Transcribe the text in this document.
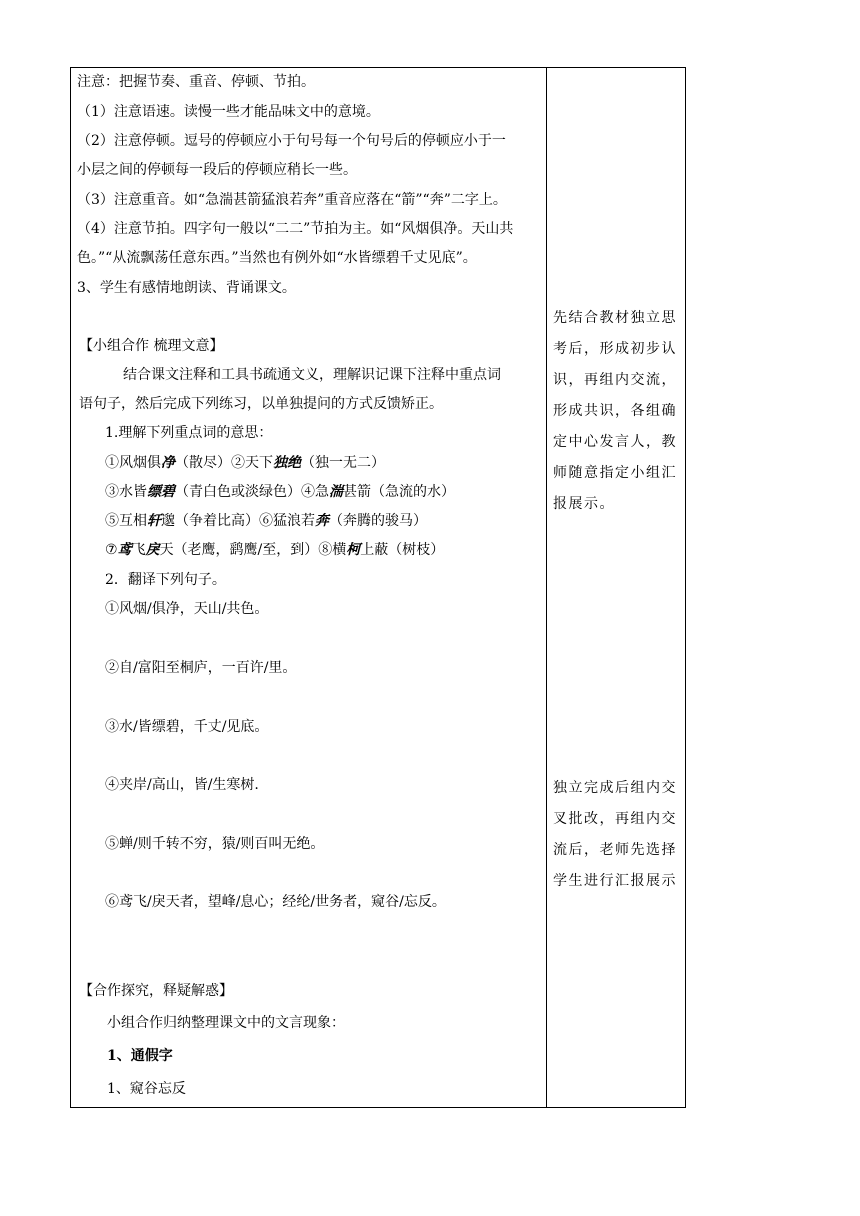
注意：把握节奏、重音、停顿、节拍。
（1）注意语速。读慢一些才能品味文中的意境。
（2）注意停顿。逗号的停顿应小于句号每一个句号后的停顿应小于一
小层之间的停顿每一段后的停顿应稍长一些。
（3）注意重音。如“急湍甚箭猛浪若奔”重音应落在“箭”“奔”二字上。
（4）注意节拍。四字句一般以“二二”节拍为主。如“风烟俱净。天山共
色。”“从流飘荡任意东西。”当然也有例外如“水皆缥碧千丈见底”。
3、学生有感情地朗读、背诵课文。
【小组合作 梳理文意】
结合课文注释和工具书疏通文义，理解识记课下注释中重点词
语句子，然后完成下列练习，以单独提问的方式反馈矫正。
1.理解下列重点词的意思：
①风烟俱净（散尽）②天下独绝（独一无二）
③水皆缥碧（青白色或淡绿色）④急湍甚箭（急流的水）
⑤互相轩邈（争着比高）⑥猛浪若奔（奔腾的骏马）
⑦鸢飞戾天（老鹰，鹞鹰/至，到）⑧横柯上蔽（树枝）
2．翻译下列句子。
①风烟/俱净，天山/共色。
②自/富阳至桐庐，一百许/里。
③水/皆缥碧，千丈/见底。
④夹岸/高山，皆/生寒树.
⑤蝉/则千转不穷，猿/则百叫无绝。
⑥鸢飞/戾天者，望峰/息心；经纶/世务者，窥谷/忘反。
【合作探究，释疑解惑】
小组合作归纳整理课文中的文言现象：
1、通假字
1、窥谷忘反
先结合教材独立思考后，形成初步认识，再组内交流，形成共识，各组确定中心发言人，教师随意指定小组汇报展示。
独立完成后组内交叉批改，再组内交流后，老师先选择学生进行汇报展示
